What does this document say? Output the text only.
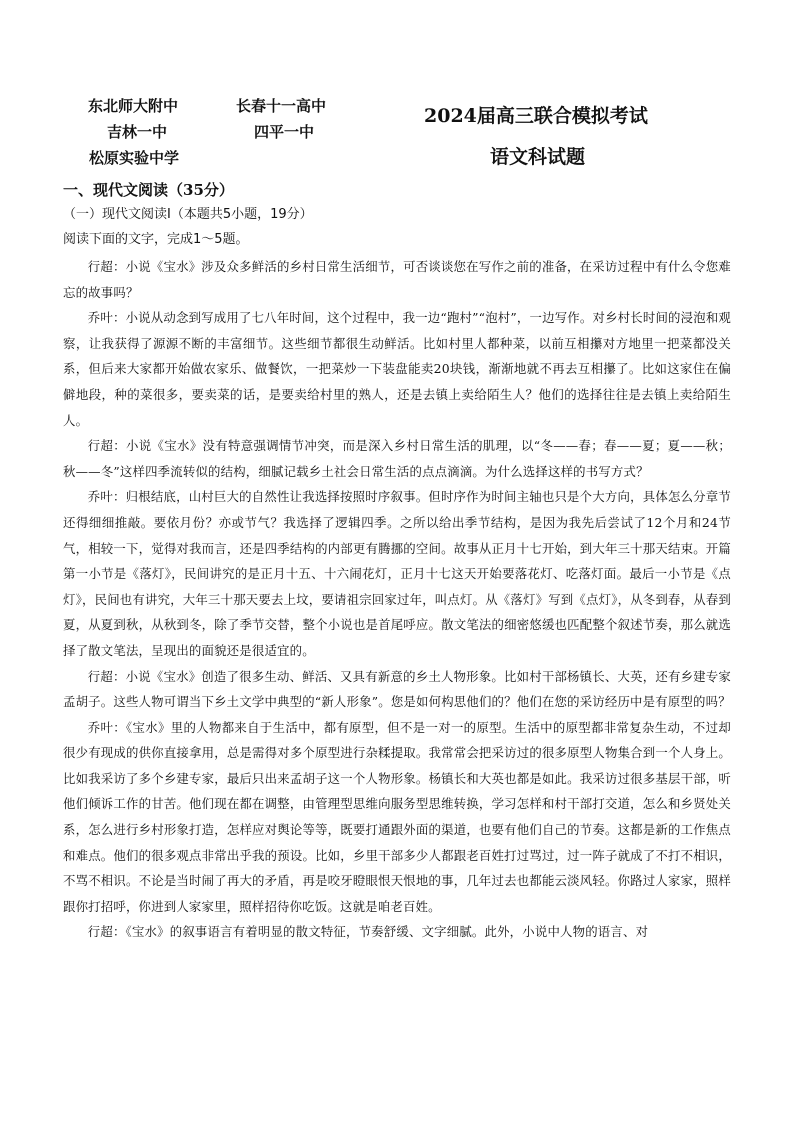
东北师大附中	长春十一高中
吉林一中	四平一中
松原实验中学
2024届高三联合模拟考试
语文科试题
一、现代文阅读（35分）
（一）现代文阅读Ⅰ（本题共5小题，19分）
阅读下面的文字，完成1～5题。

行超：小说《宝水》涉及众多鲜活的乡村日常生活细节，可否谈谈您在写作之前的准备，在采访过程中有什么令您难忘的故事吗？

乔叶：小说从动念到写成用了七八年时间，这个过程中，我一边“跑村”“泡村”，一边写作。对乡村长时间的浸泡和观察，让我获得了源源不断的丰富细节。这些细节都很生动鲜活。比如村里人都种菜，以前互相攥对方地里一把菜都没关系，但后来大家都开始做农家乐、做餐饮，一把菜炒一下装盘能卖20块钱，渐渐地就不再去互相攥了。比如这家住在偏僻地段，种的菜很多，要卖菜的话，是要卖给村里的熟人，还是去镇上卖给陌生人？他们的选择往往是去镇上卖给陌生人。

行超：小说《宝水》没有特意强调情节冲突，而是深入乡村日常生活的肌理，以“冬——春；春——夏；夏——秋；秋——冬”这样四季流转似的结构，细腻记载乡土社会日常生活的点点滴滴。为什么选择这样的书写方式？

乔叶：归根结底，山村巨大的自然性让我选择按照时序叙事。但时序作为时间主轴也只是个大方向，具体怎么分章节还得细细推敲。要依月份？亦或节气？我选择了逻辑四季。之所以给出季节结构，是因为我先后尝试了12个月和24节气，相较一下，觉得对我而言，还是四季结构的内部更有腾挪的空间。故事从正月十七开始，到大年三十那天结束。开篇第一小节是《落灯》，民间讲究的是正月十五、十六闹花灯，正月十七这天开始要落花灯、吃落灯面。最后一小节是《点灯》，民间也有讲究，大年三十那天要去上坟，要请祖宗回家过年，叫点灯。从《落灯》写到《点灯》，从冬到春，从春到夏，从夏到秋，从秋到冬，除了季节交替，整个小说也是首尾呼应。散文笔法的细密悠缓也匹配整个叙述节奏，那么就选择了散文笔法，呈现出的面貌还是很适宜的。

行超：小说《宝水》创造了很多生动、鲜活、又具有新意的乡土人物形象。比如村干部杨镇长、大英，还有乡建专家孟胡子。这些人物可谓当下乡土文学中典型的“新人形象”。您是如何构思他们的？他们在您的采访经历中是有原型的吗？

乔叶：《宝水》里的人物都来自于生活中，都有原型，但不是一对一的原型。生活中的原型都非常复杂生动，不过却很少有现成的供你直接拿用，总是需得对多个原型进行杂糅提取。我常常会把采访过的很多原型人物集合到一个人身上。比如我采访了多个乡建专家，最后只出来孟胡子这一个人物形象。杨镇长和大英也都是如此。我采访过很多基层干部，听他们倾诉工作的甘苦。他们现在都在调整，由管理型思维向服务型思维转换，学习怎样和村干部打交道，怎么和乡贤处关系，怎么进行乡村形象打造，怎样应对舆论等等，既要打通跟外面的渠道，也要有他们自己的节奏。这都是新的工作焦点和难点。他们的很多观点非常出乎我的预设。比如，乡里干部多少人都跟老百姓打过骂过，过一阵子就成了不打不相识，不骂不相识。不论是当时闹了再大的矛盾，再是咬牙瞪眼恨天恨地的事，几年过去也都能云淡风轻。你路过人家家，照样跟你打招呼，你进到人家家里，照样招待你吃饭。这就是咱老百姓。

行超：《宝水》的叙事语言有着明显的散文特征，节奏舒缓、文字细腻。此外，小说中人物的语言、对
